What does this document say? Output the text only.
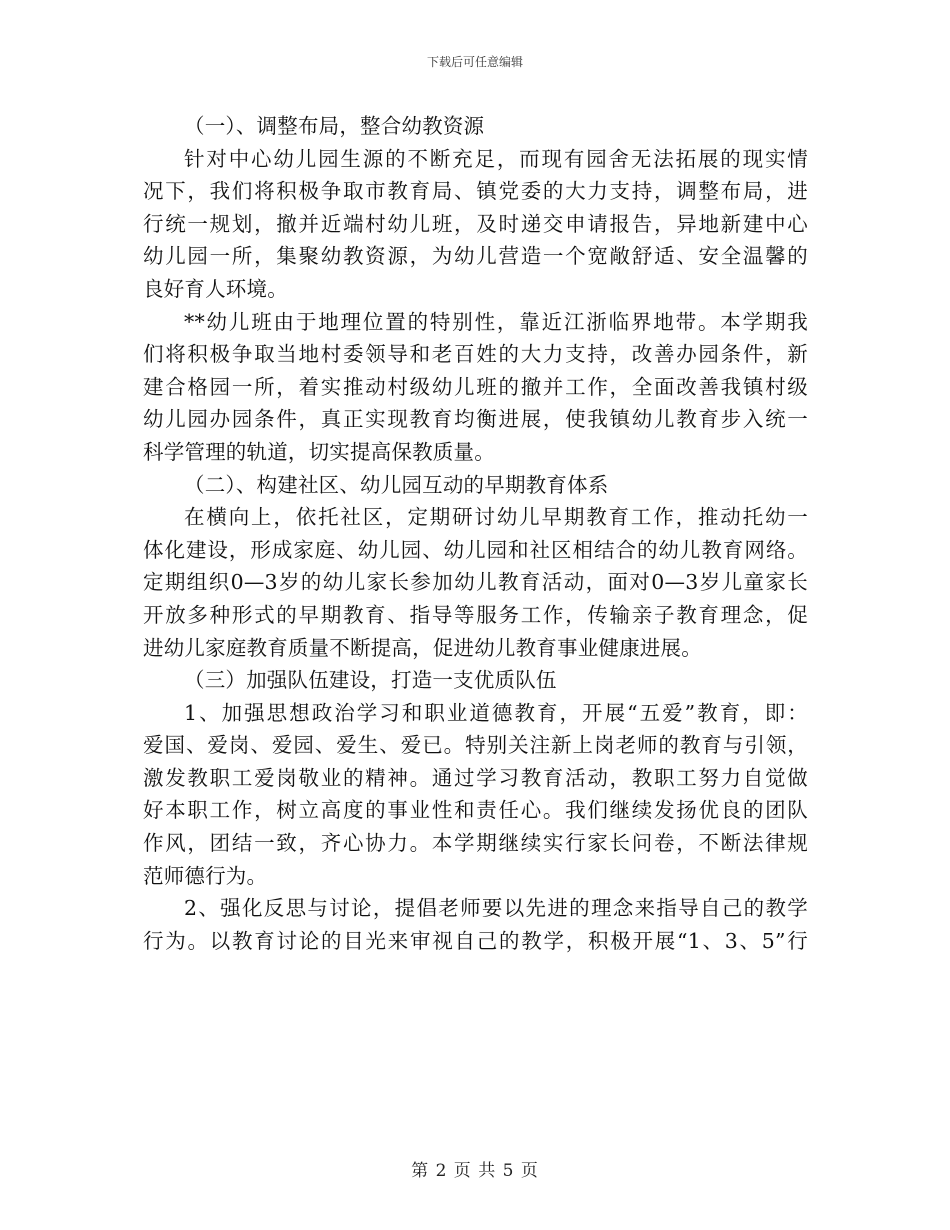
下载后可任意编辑
（一）、调整布局，整合幼教资源
针对中心幼儿园生源的不断充足，而现有园舍无法拓展的现实情
况下，我们将积极争取市教育局、镇党委的大力支持，调整布局，进
行统一规划，撤并近端村幼儿班，及时递交申请报告，异地新建中心
幼儿园一所，集聚幼教资源，为幼儿营造一个宽敞舒适、安全温馨的
良好育人环境。
**幼儿班由于地理位置的特别性，靠近江浙临界地带。本学期我
们将积极争取当地村委领导和老百姓的大力支持，改善办园条件，新
建合格园一所，着实推动村级幼儿班的撤并工作，全面改善我镇村级
幼儿园办园条件，真正实现教育均衡进展，使我镇幼儿教育步入统一
科学管理的轨道，切实提高保教质量。
（二）、构建社区、幼儿园互动的早期教育体系
在横向上，依托社区，定期研讨幼儿早期教育工作，推动托幼一
体化建设，形成家庭、幼儿园、幼儿园和社区相结合的幼儿教育网络。
定期组织0—3岁的幼儿家长参加幼儿教育活动，面对0—3岁儿童家长
开放多种形式的早期教育、指导等服务工作，传输亲子教育理念，促
进幼儿家庭教育质量不断提高，促进幼儿教育事业健康进展。
（三）加强队伍建设，打造一支优质队伍
1、加强思想政治学习和职业道德教育，开展“五爱”教育，即：
爱国、爱岗、爱园、爱生、爱已。特别关注新上岗老师的教育与引领，
激发教职工爱岗敬业的精神。通过学习教育活动，教职工努力自觉做
好本职工作，树立高度的事业性和责任心。我们继续发扬优良的团队
作风，团结一致，齐心协力。本学期继续实行家长问卷，不断法律规
范师德行为。
2、强化反思与讨论，提倡老师要以先进的理念来指导自己的教学
行为。以教育讨论的目光来审视自己的教学，积极开展“1、3、5”行
第 2 页 共 5 页
